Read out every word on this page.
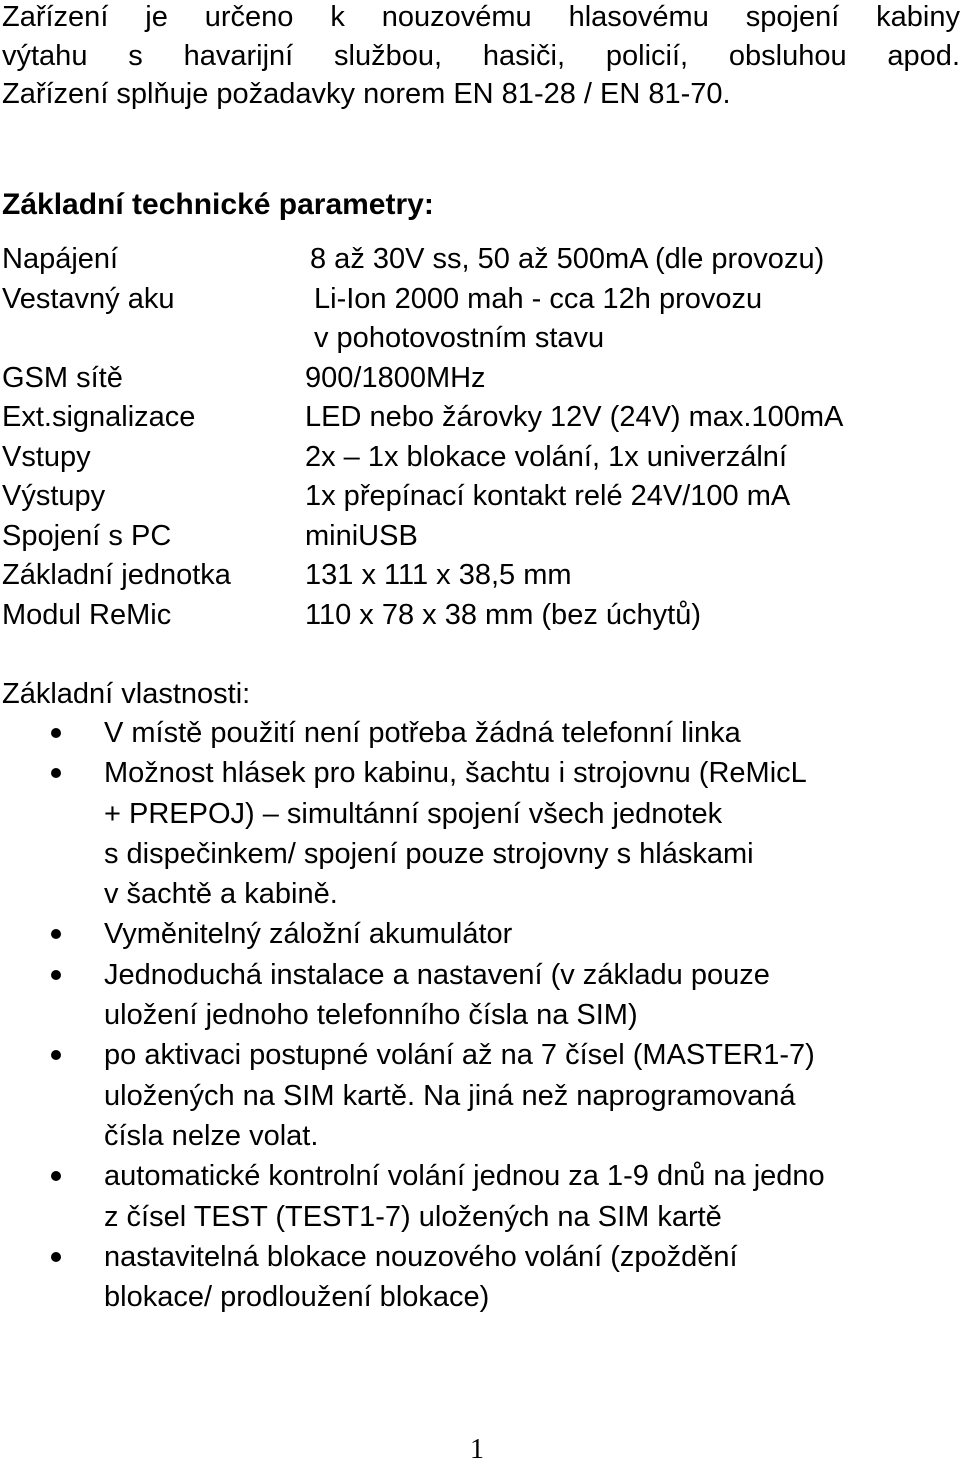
Zařízení je určeno k nouzovému hlasovému spojení kabiny
výtahu s havarijní službou, hasiči, policií, obsluhou apod.
Zařízení splňuje požadavky norem EN 81-28 / EN 81-70.
Základní technické parametry:
Napájení	8 až 30V ss, 50 až 500mA (dle provozu)
Vestavný aku	Li-Ion 2000 mah - cca 12h provozu
v pohotovostním stavu
GSM sítě	900/1800MHz
Ext.signalizace	LED nebo žárovky 12V (24V) max.100mA
Vstupy	2x – 1x blokace volání, 1x univerzální
Výstupy	1x přepínací kontakt relé 24V/100 mA
Spojení s PC	miniUSB
Základní jednotka	131 x 111 x 38,5 mm
Modul ReMic	110 x 78 x 38 mm (bez úchytů)
Základní vlastnosti:
V místě použití není potřeba žádná telefonní linka
Možnost hlásek pro kabinu, šachtu i strojovnu (ReMicL
+ PREPOJ) – simultánní spojení všech jednotek
s dispečinkem/ spojení pouze strojovny s hláskami
v šachtě a kabině.
Vyměnitelný záložní akumulátor
Jednoduchá instalace a nastavení (v základu pouze
uložení jednoho telefonního čísla na SIM)
po aktivaci postupné volání až na 7 čísel (MASTER1-7)
uložených na SIM kartě. Na jiná než naprogramovaná
čísla nelze volat.
automatické kontrolní volání jednou za 1-9 dnů na jedno
z čísel TEST (TEST1-7) uložených na SIM kartě
nastavitelná blokace nouzového volání (zpoždění
blokace/ prodloužení blokace)
1
